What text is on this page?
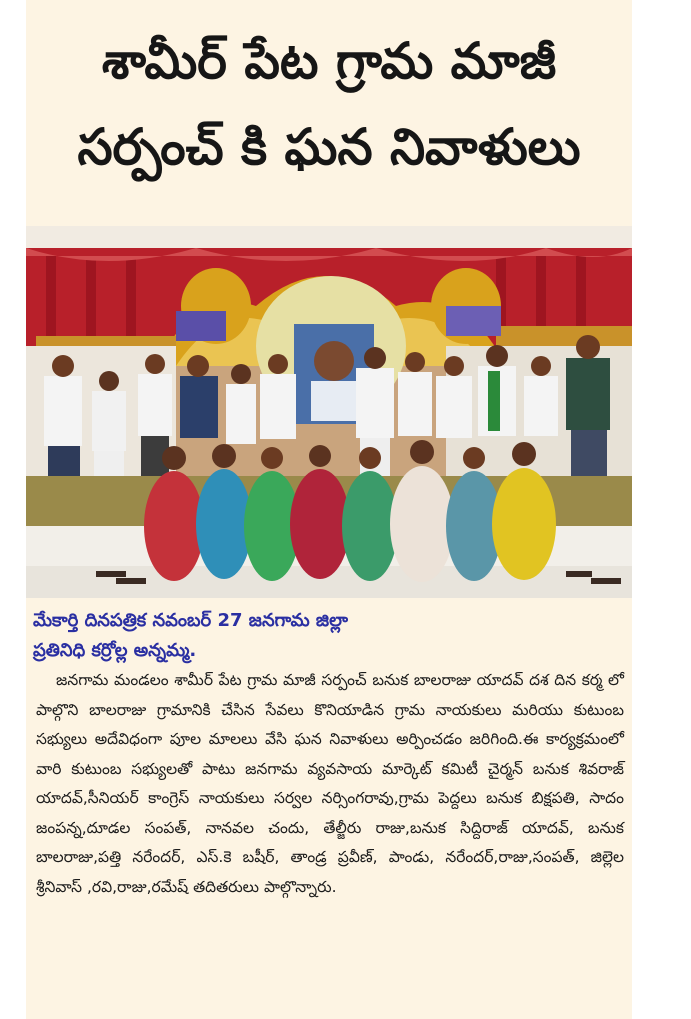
శామీర్ పేట గ్రామ మాజీ
సర్పంచ్ కి ఘన నివాళులు
మేకార్తి దినపత్రిక నవంబర్ 27 జనగామ జిల్లా
ప్రతినిధి కర్రోల్ల అన్నమ్మ.
జనగామ మండలం శామీర్ పేట గ్రామ మాజీ సర్పంచ్ బనుక బాలరాజు యాదవ్ దశ దిన కర్మ లో పాల్గొని బాలరాజు గ్రామానికి చేసిన సేవలు కొనియాడిన గ్రామ నాయకులు మరియు కుటుంబ సభ్యులు అదేవిధంగా పూల మాలలు వేసి ఘన నివాళులు అర్పించడం జరిగింది.ఈ కార్యక్రమంలో వారి కుటుంబ సభ్యులతో పాటు జనగామ వ్యవసాయ మార్కెట్ కమిటీ చైర్మన్ బనుక శివరాజ్ యాదవ్,సీనియర్ కాంగ్రెస్ నాయకులు సర్వల నర్సింగరావు,గ్రామ పెద్దలు బనుక బిక్షపతి, సాదం జంపన్న,దూడల సంపత్, నానవల చందు, తేల్జీరు రాజు,బనుక సిద్దిరాజ్ యాదవ్, బనుక బాలరాజు,పత్తి నరేందర్, ఎస్.కె బషీర్, తాండ్ర ప్రవీణ్, పాండు, నరేందర్,రాజు,సంపత్, జిల్లెల శ్రీనివాస్ ,రవి,రాజు,రమేష్ తదితరులు పాల్గొన్నారు.
